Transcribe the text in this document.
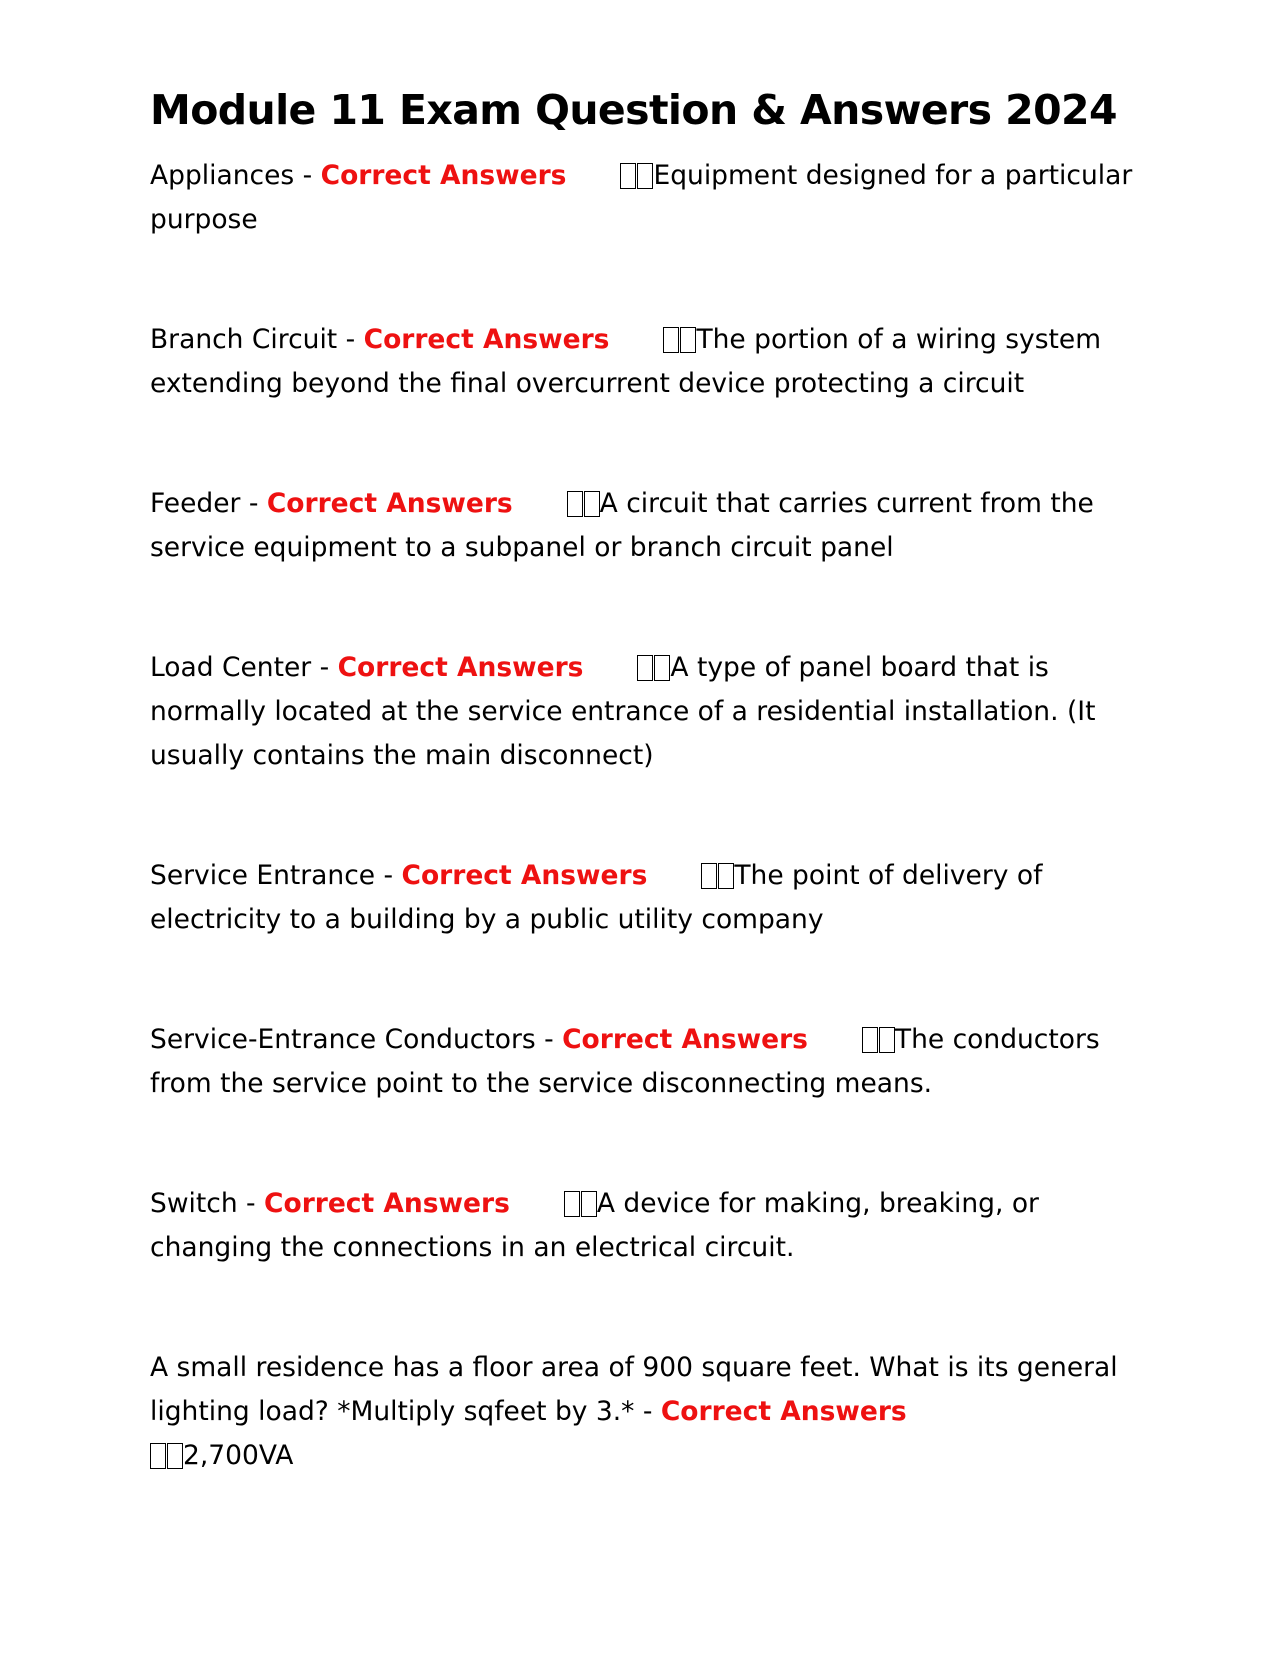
Module 11 Exam Question & Answers 2024

Appliances - Correct Answers	Equipment designed for a particular purpose

Branch Circuit - Correct Answers	The portion of a wiring system extending beyond the final overcurrent device protecting a circuit

Feeder - Correct Answers	A circuit that carries current from the service equipment to a subpanel or branch circuit panel

Load Center - Correct Answers	A type of panel board that is normally located at the service entrance of a residential installation. (It usually contains the main disconnect)

Service Entrance - Correct Answers	The point of delivery of electricity to a building by a public utility company

Service-Entrance Conductors - Correct Answers	The conductors from the service point to the service disconnecting means.

Switch - Correct Answers	A device for making, breaking, or changing the connections in an electrical circuit.

A small residence has a floor area of 900 square feet. What is its general lighting load? *Multiply sqfeet by 3.* - Correct Answers
2,700VA
